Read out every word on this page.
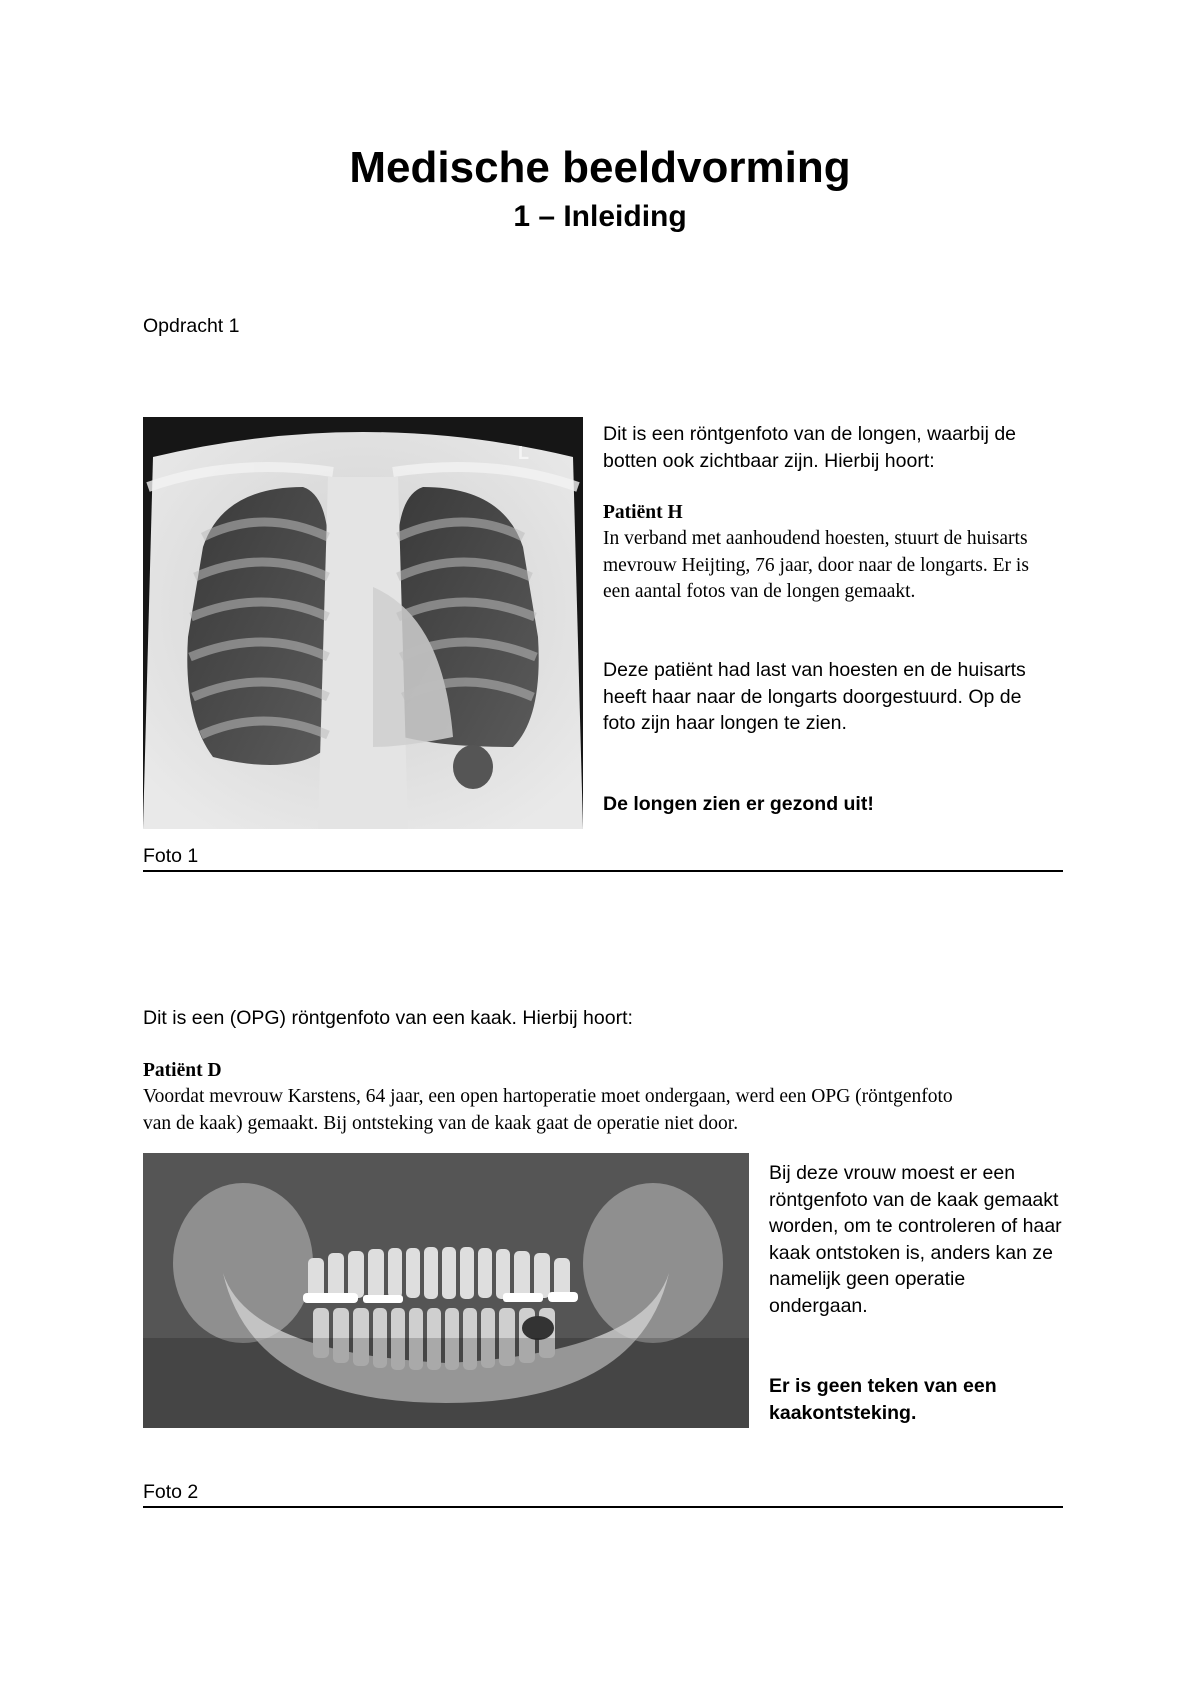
Medische beeldvorming
1 – Inleiding
Opdracht 1
L
Dit is een röntgenfoto van de longen, waarbij de botten ook zichtbaar zijn. Hierbij hoort:
Patiënt H
In verband met aanhoudend hoesten, stuurt de huisarts mevrouw Heijting, 76 jaar, door naar de longarts. Er is een aantal fotos van de longen gemaakt.
Deze patiënt had last van hoesten en de huisarts heeft haar naar de longarts doorgestuurd. Op de foto zijn haar longen te zien.
De longen zien er gezond uit!
Foto 1
Dit is een (OPG) röntgenfoto van een kaak. Hierbij hoort:
Patiënt D
Voordat mevrouw Karstens, 64 jaar, een open hartoperatie moet ondergaan, werd een OPG (röntgenfoto van de kaak) gemaakt. Bij ontsteking van de kaak gaat de operatie niet door.
Bij deze vrouw moest er een röntgenfoto van de kaak gemaakt worden, om te controleren of haar kaak ontstoken is, anders kan ze namelijk geen operatie ondergaan.
Er is geen teken van een kaakontsteking.
Foto 2
